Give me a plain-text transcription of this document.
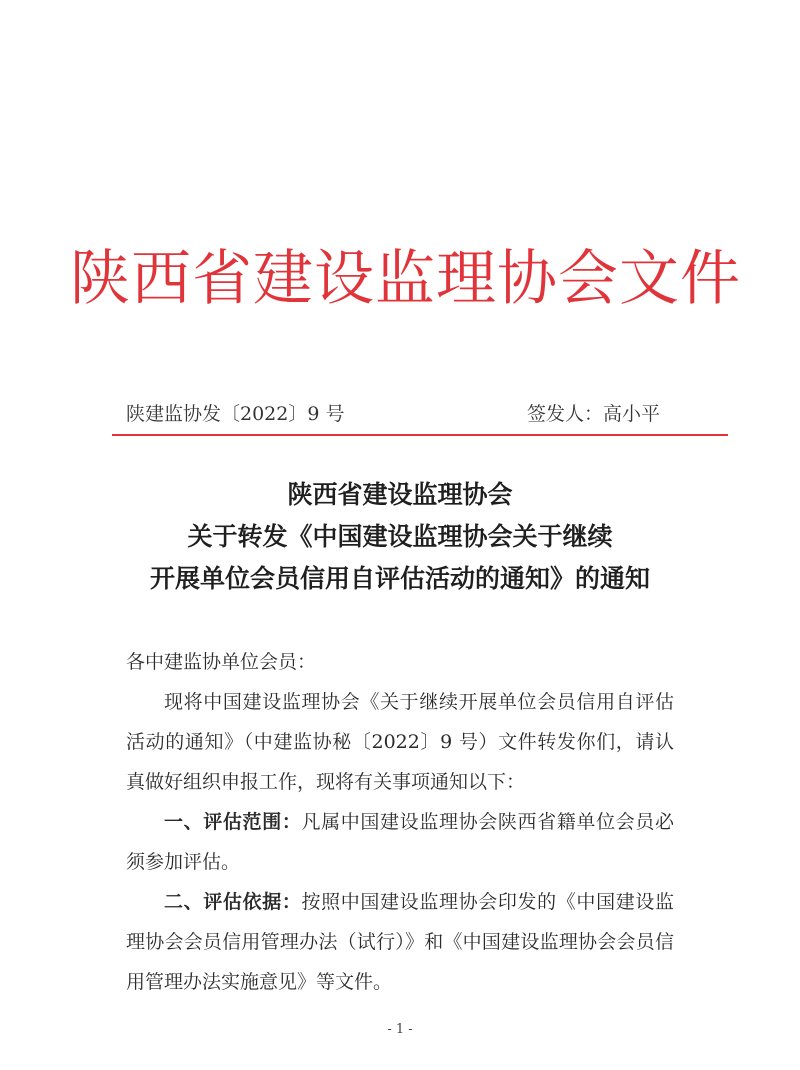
陕西省建设监理协会文件
陕建监协发〔2022〕9 号	签发人：高小平
陕西省建设监理协会
关于转发《中国建设监理协会关于继续
开展单位会员信用自评估活动的通知》的通知
各中建监协单位会员：
现将中国建设监理协会《关于继续开展单位会员信用自评估活动的通知》（中建监协秘〔2022〕9 号）文件转发你们，请认真做好组织申报工作，现将有关事项通知以下：
一、评估范围：凡属中国建设监理协会陕西省籍单位会员必须参加评估。
二、评估依据：按照中国建设监理协会印发的《中国建设监理协会会员信用管理办法（试行）》和《中国建设监理协会会员信用管理办法实施意见》等文件。
- 1 -
